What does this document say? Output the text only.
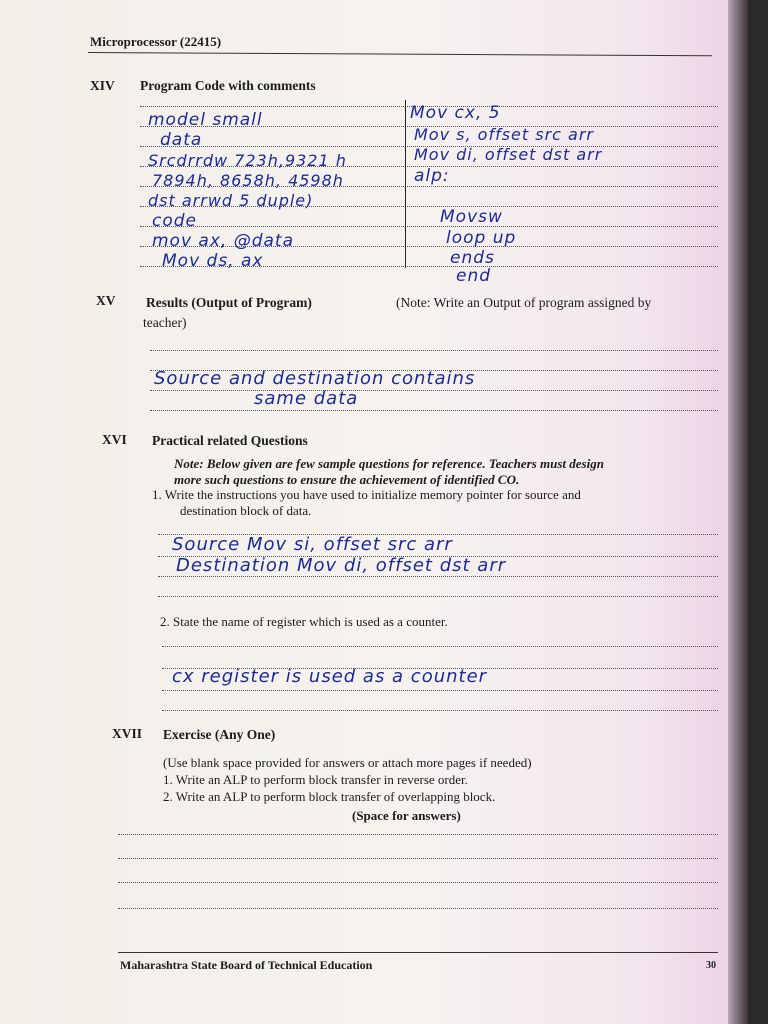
Microprocessor (22415)
XIV Program Code with comments
model small
data
Srcdrrdw 723h,9321 h
7894h, 8658h, 4598h
dst arrwd 5 duple)
code
mov ax, @data
Mov ds, ax
Mov cx, 5
Mov s, offset src arr
Mov di, offset dst arr
alp:
Movsw
loop up
ends
end
XV Results (Output of Program)	(Note: Write an Output of program assigned by
teacher)
Source and destination contains
same data
XVI Practical related Questions
Note: Below given are few sample questions for reference. Teachers must design
more such questions to ensure the achievement of identified CO.
1. Write the instructions you have used to initialize memory pointer for source and
destination block of data.
Source Mov si, offset src arr
Destination Mov di, offset dst arr
2. State the name of register which is used as a counter.
cx register is used as a counter
XVII Exercise (Any One)
(Use blank space provided for answers or attach more pages if needed)
1. Write an ALP to perform block transfer in reverse order.
2. Write an ALP to perform block transfer of overlapping block.
(Space for answers)
Maharashtra State Board of Technical Education	30
